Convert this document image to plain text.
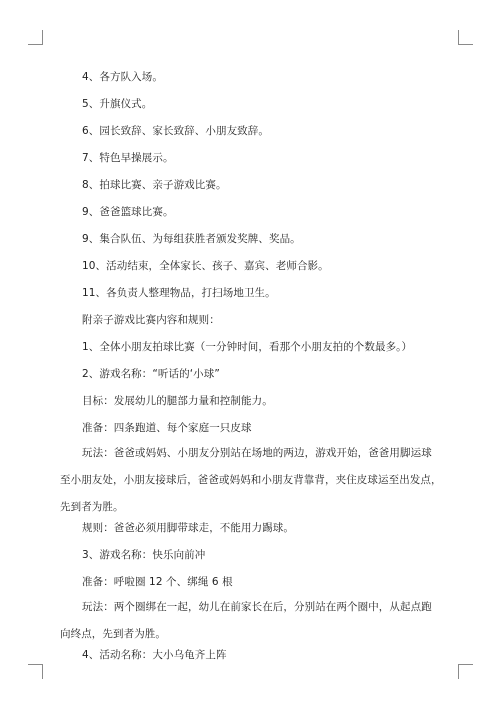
4、各方队入场。
5、升旗仪式。
6、园长致辞、家长致辞、小朋友致辞。
7、特色早操展示。
8、拍球比赛、亲子游戏比赛。
9、爸爸篮球比赛。
9、集合队伍、为每组获胜者颁发奖牌、奖品。
10、活动结束，全体家长、孩子、嘉宾、老师合影。
11、各负责人整理物品，打扫场地卫生。
附亲子游戏比赛内容和规则：
1、全体小朋友拍球比赛（一分钟时间，看那个小朋友拍的个数最多。）
2、游戏名称：“听话的‘小球”
目标：发展幼儿的腿部力量和控制能力。
准备：四条跑道、每个家庭一只皮球
玩法：爸爸或妈妈、小朋友分别站在场地的两边，游戏开始，爸爸用脚运球至小朋友处，小朋友接球后，爸爸或妈妈和小朋友背靠背，夹住皮球运至出发点，先到者为胜。
规则：爸爸必须用脚带球走，不能用力踢球。
3、游戏名称：快乐向前冲
准备：呼啦圈 12 个、绑绳 6 根
玩法：两个圈绑在一起，幼儿在前家长在后，分别站在两个圈中，从起点跑向终点，先到者为胜。
4、活动名称：大小乌龟齐上阵
